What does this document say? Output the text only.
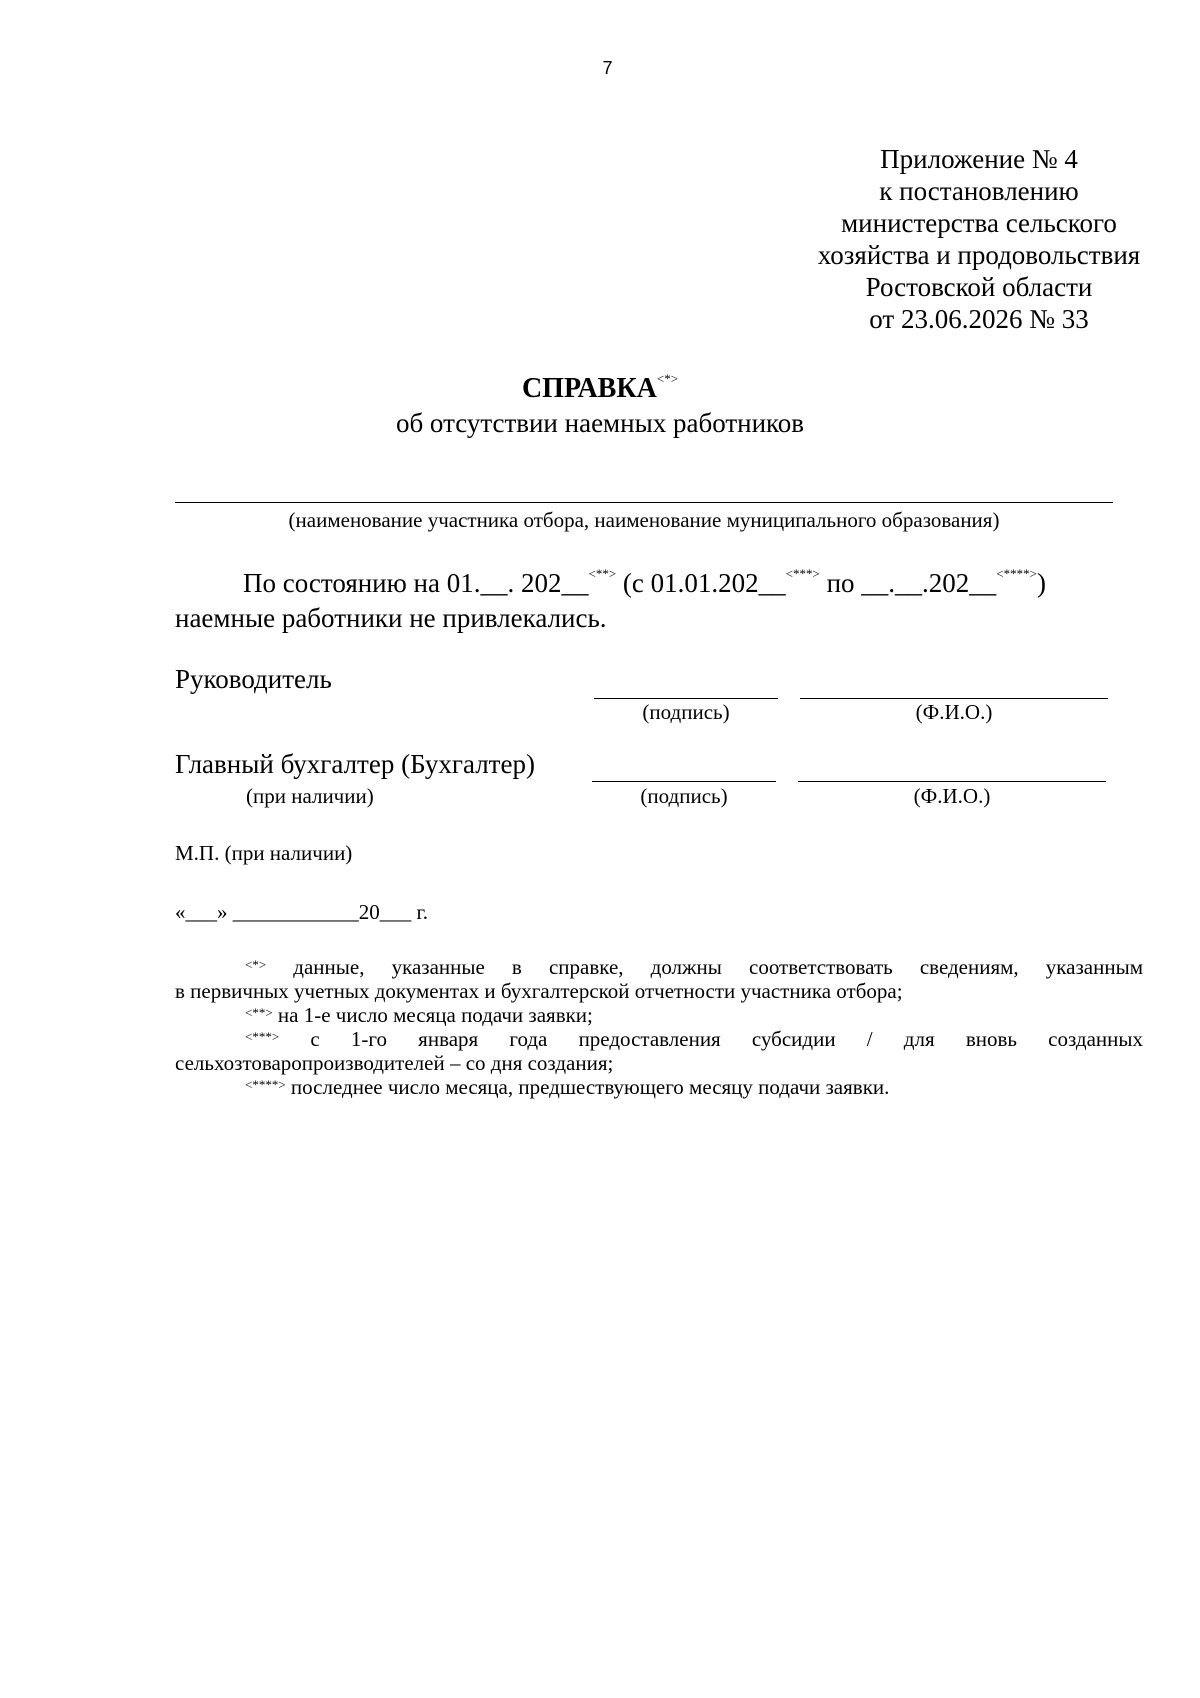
7
Приложение № 4
к постановлению
министерства сельского
хозяйства и продовольствия
Ростовской области
от 23.06.2026 № 33
СПРАВКА<*>
об отсутствии наемных работников
(наименование участника отбора, наименование муниципального образования)
По состоянию на 01.__. 202__<**> (с 01.01.202__<***> по __.__.202__<****>)
наемные работники не привлекались.
Руководитель
(подпись)	(Ф.И.О.)
Главный бухгалтер (Бухгалтер)
(при наличии)	(подпись)	(Ф.И.О.)
М.П. (при наличии)
«___» ____________20___ г.
<*> данные, указанные в справке, должны соответствовать сведениям, указанным
в первичных учетных документах и бухгалтерской отчетности участника отбора;
<**> на 1-е число месяца подачи заявки;
<***> с 1-го января года предоставления субсидии / для вновь созданных
сельхозтоваропроизводителей – со дня создания;
<****> последнее число месяца, предшествующего месяцу подачи заявки.
